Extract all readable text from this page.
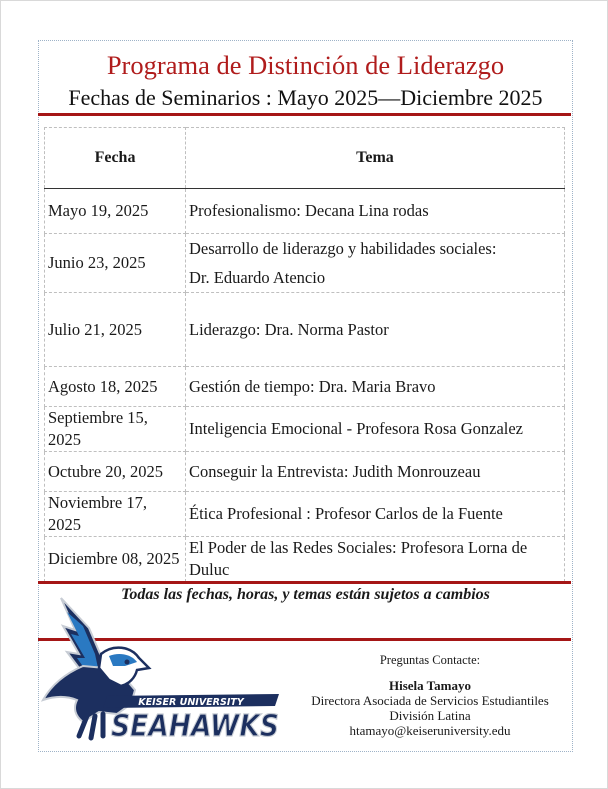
Programa de Distinción de Liderazgo
Fechas de Seminarios : Mayo 2025—Diciembre 2025
Fecha	Tema
Mayo 19, 2025	Profesionalismo: Decana Lina rodas
Junio 23, 2025	Desarrollo de liderazgo y habilidades sociales:
Dr. Eduardo Atencio

Julio 21, 2025	Liderazgo: Dra. Norma Pastor
Agosto 18, 2025	Gestión de tiempo: Dra. Maria Bravo
Septiembre 15, 2025	Inteligencia Emocional - Profesora Rosa Gonzalez
Octubre 20, 2025	Conseguir la Entrevista: Judith Monrouzeau
Noviembre 17, 2025	Ética Profesional : Profesor Carlos de la Fuente
Diciembre 08, 2025	El Poder de las Redes Sociales: Profesora Lorna de Duluc
Todas las fechas, horas, y temas están sujetos a cambios
KEISER UNIVERSITY
SEAHAWKS
Preguntas Contacte:
Hisela Tamayo
Directora Asociada de Servicios Estudiantiles
División Latina
htamayo@keiseruniversity.edu
